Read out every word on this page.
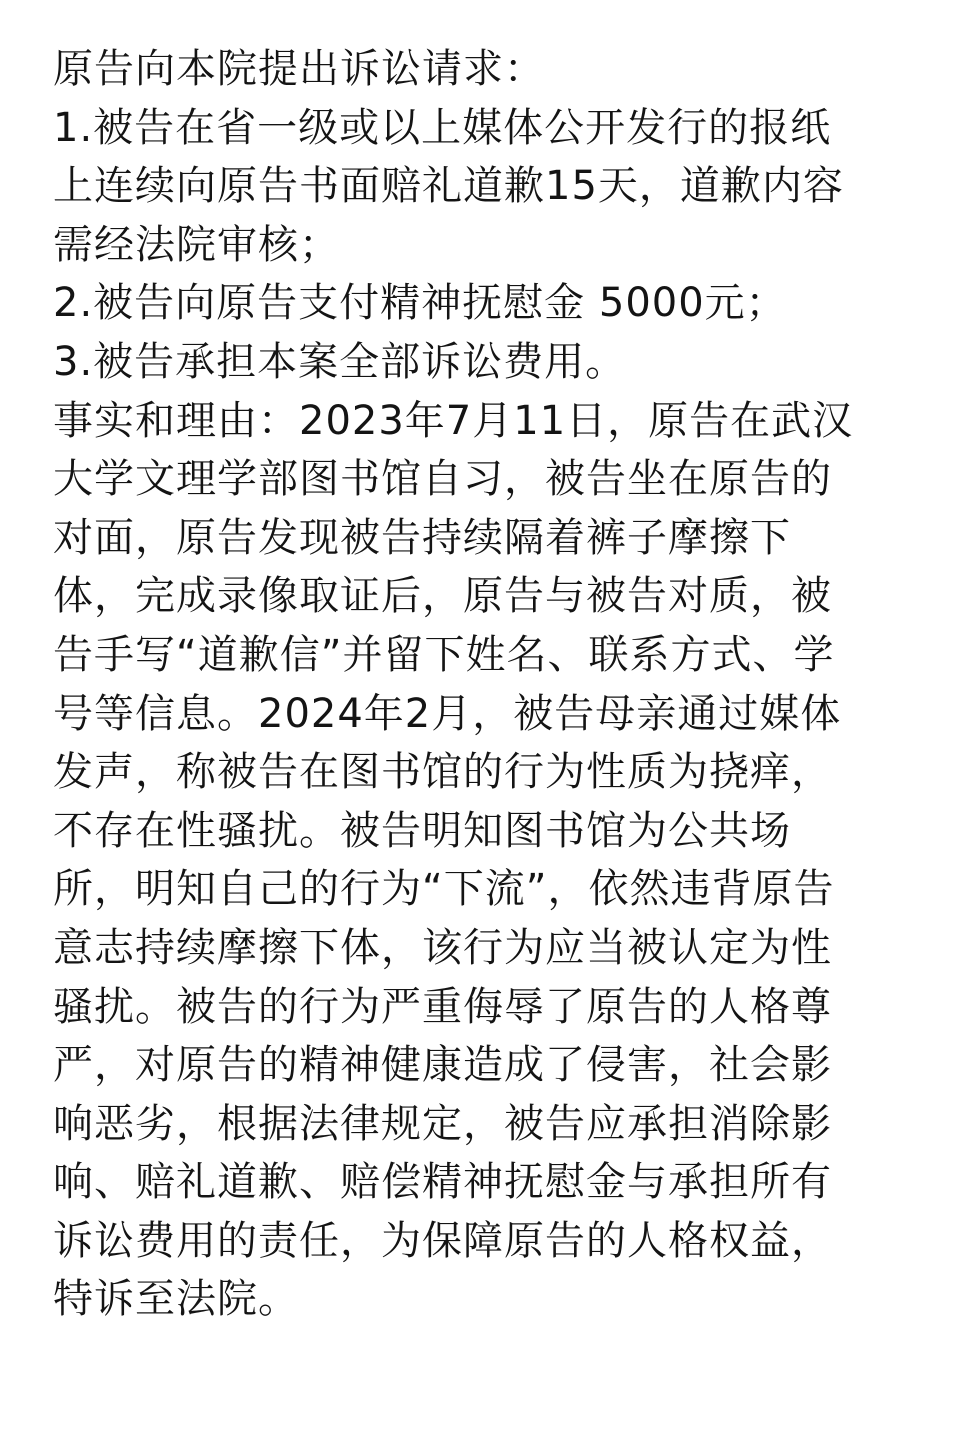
原告向本院提出诉讼请求：
1.被告在省一级或以上媒体公开发行的报纸
上连续向原告书面赔礼道歉15天，道歉内容
需经法院审核；
2.被告向原告支付精神抚慰金 5000元；
3.被告承担本案全部诉讼费用。
事实和理由：2023年7月11日，原告在武汉
大学文理学部图书馆自习，被告坐在原告的
对面，原告发现被告持续隔着裤子摩擦下
体，完成录像取证后，原告与被告对质，被
告手写“道歉信”并留下姓名、联系方式、学
号等信息。2024年2月，被告母亲通过媒体
发声，称被告在图书馆的行为性质为挠痒，
不存在性骚扰。被告明知图书馆为公共场
所，明知自己的行为“下流”，依然违背原告
意志持续摩擦下体，该行为应当被认定为性
骚扰。被告的行为严重侮辱了原告的人格尊
严，对原告的精神健康造成了侵害，社会影
响恶劣，根据法律规定，被告应承担消除影
响、赔礼道歉、赔偿精神抚慰金与承担所有
诉讼费用的责任，为保障原告的人格权益，
特诉至法院。
